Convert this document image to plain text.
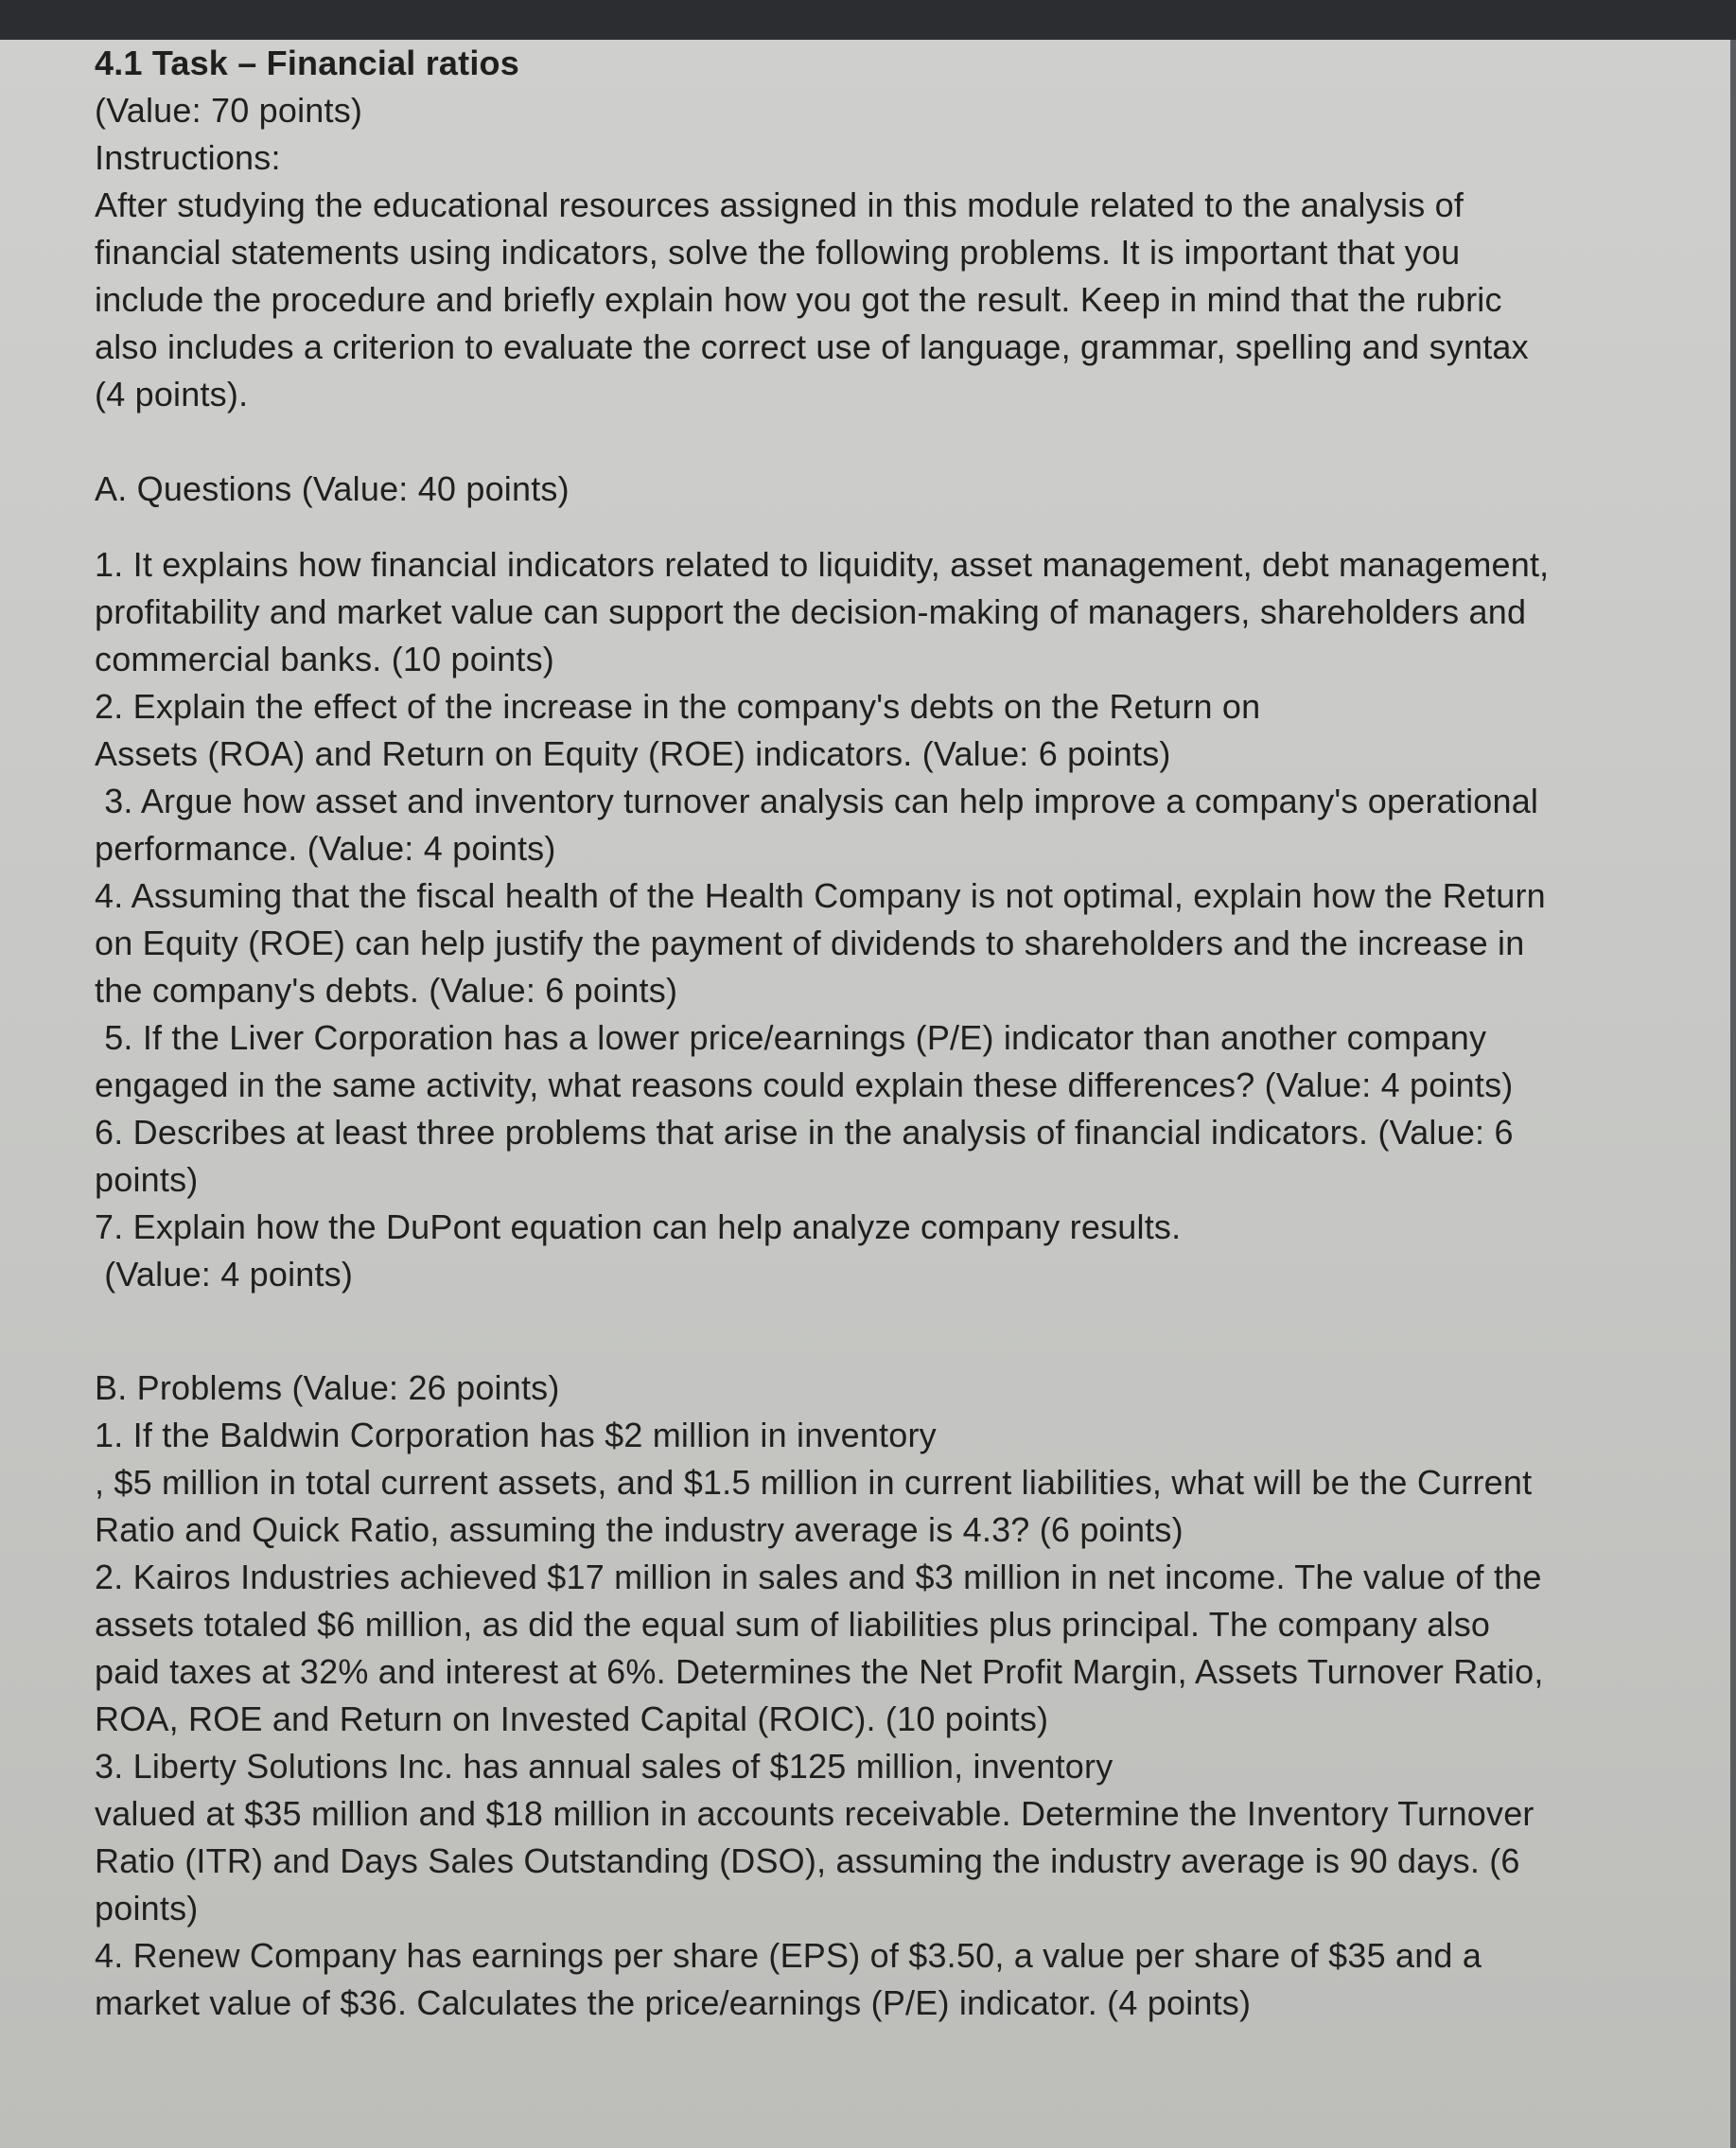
4.1 Task – Financial ratios

(Value: 70 points)

Instructions:

After studying the educational resources assigned in this module related to the analysis of

financial statements using indicators, solve the following problems. It is important that you

include the procedure and briefly explain how you got the result. Keep in mind that the rubric

also includes a criterion to evaluate the correct use of language, grammar, spelling and syntax

(4 points).

A. Questions (Value: 40 points)

1. It explains how financial indicators related to liquidity, asset management, debt management,

profitability and market value can support the decision-making of managers, shareholders and

commercial banks. (10 points)

2. Explain the effect of the increase in the company's debts on the Return on

Assets (ROA) and Return on Equity (ROE) indicators. (Value: 6 points)

3. Argue how asset and inventory turnover analysis can help improve a company's operational

performance. (Value: 4 points)

4. Assuming that the fiscal health of the Health Company is not optimal, explain how the Return

on Equity (ROE) can help justify the payment of dividends to shareholders and the increase in

the company's debts. (Value: 6 points)

5. If the Liver Corporation has a lower price/earnings (P/E) indicator than another company

engaged in the same activity, what reasons could explain these differences? (Value: 4 points)

6. Describes at least three problems that arise in the analysis of financial indicators. (Value: 6

points)

7. Explain how the DuPont equation can help analyze company results.

(Value: 4 points)

B. Problems (Value: 26 points)

1. If the Baldwin Corporation has $2 million in inventory

, $5 million in total current assets, and $1.5 million in current liabilities, what will be the Current

Ratio and Quick Ratio, assuming the industry average is 4.3? (6 points)

2. Kairos Industries achieved $17 million in sales and $3 million in net income. The value of the

assets totaled $6 million, as did the equal sum of liabilities plus principal. The company also

paid taxes at 32% and interest at 6%. Determines the Net Profit Margin, Assets Turnover Ratio,

ROA, ROE and Return on Invested Capital (ROIC). (10 points)

3. Liberty Solutions Inc. has annual sales of $125 million, inventory

valued at $35 million and $18 million in accounts receivable. Determine the Inventory Turnover

Ratio (ITR) and Days Sales Outstanding (DSO), assuming the industry average is 90 days. (6

points)

4. Renew Company has earnings per share (EPS) of $3.50, a value per share of $35 and a

market value of $36. Calculates the price/earnings (P/E) indicator. (4 points)
